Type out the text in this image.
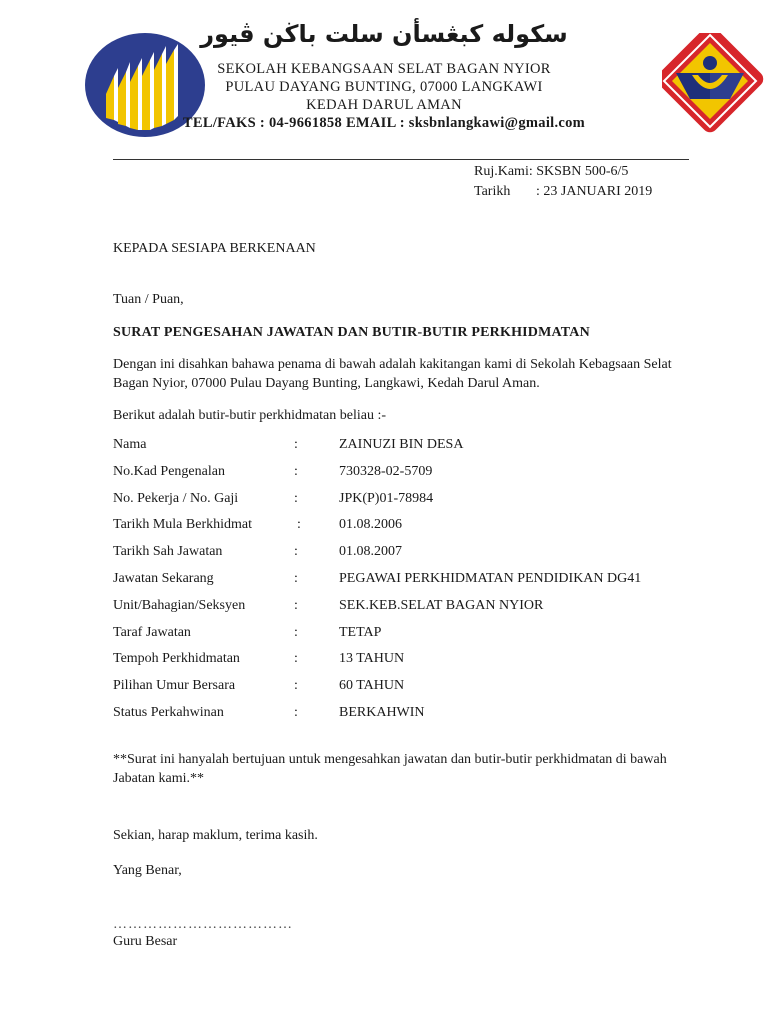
سكوله كبڠسأن سلت باڬن ڤيور
SEKOLAH KEBANGSAAN SELAT BAGAN NYIOR
PULAU DAYANG BUNTING, 07000 LANGKAWI
KEDAH DARUL AMAN
TEL/FAKS : 04-9661858 EMAIL : sksbnlangkawi@gmail.com
Ruj.Kami: SKSBN 500-6/5
Tarikh : 23 JANUARI 2019
KEPADA SESIAPA BERKENAAN
Tuan / Puan,
SURAT PENGESAHAN JAWATAN DAN BUTIR-BUTIR PERKHIDMATAN
Dengan ini disahkan bahawa penama di bawah adalah kakitangan kami di Sekolah Kebagsaan Selat Bagan Nyior, 07000 Pulau Dayang Bunting, Langkawi, Kedah Darul Aman.
Berikut adalah butir-butir perkhidmatan beliau :-
Nama	:	ZAINUZI BIN DESA
No.Kad Pengenalan	:	730328-02-5709
No. Pekerja / No. Gaji	:	JPK(P)01-78984
Tarikh Mula Berkhidmat	:	01.08.2006
Tarikh Sah Jawatan	:	01.08.2007
Jawatan Sekarang	:	PEGAWAI PERKHIDMATAN PENDIDIKAN DG41
Unit/Bahagian/Seksyen	:	SEK.KEB.SELAT BAGAN NYIOR
Taraf Jawatan	:	TETAP
Tempoh Perkhidmatan	:	13 TAHUN
Pilihan Umur Bersara	:	60 TAHUN
Status Perkahwinan	:	BERKAHWIN
**Surat ini hanyalah bertujuan untuk mengesahkan jawatan dan butir-butir perkhidmatan di bawah Jabatan kami.**
Sekian, harap maklum, terima kasih.
Yang Benar,
………………………………
Guru Besar
